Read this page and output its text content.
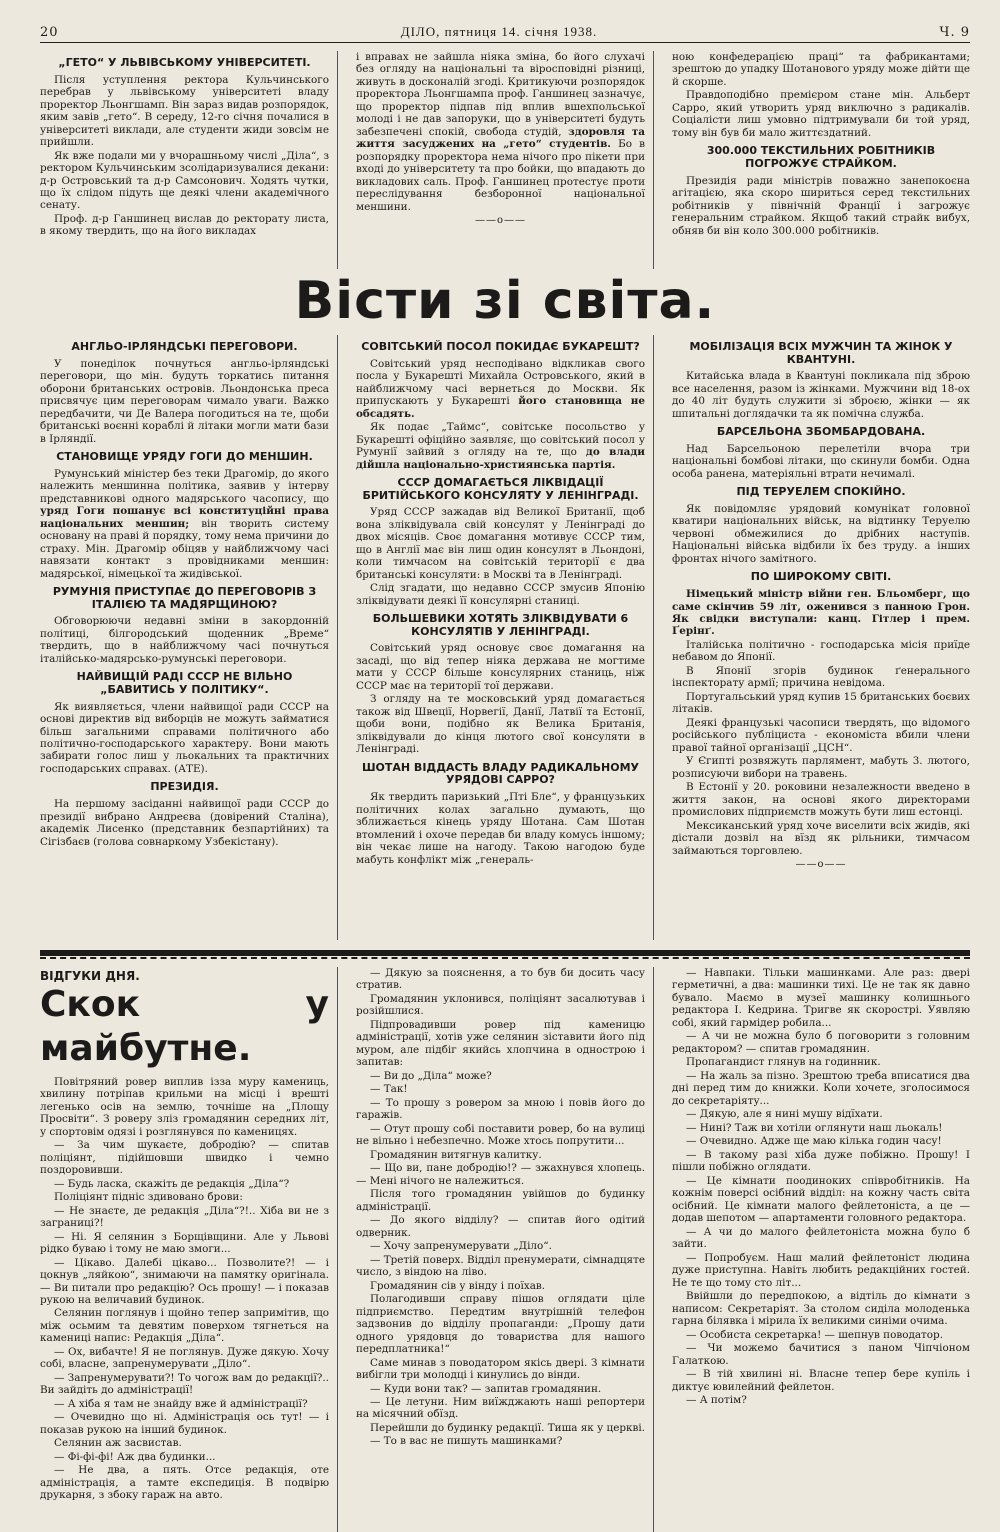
20	ДІЛО, пятниця 14. січня 1938.	Ч. 9
„ГЕТО“ У ЛЬВІВСЬКОМУ УНІВЕРСИТЕТІ.

Після уступлення ректора Кульчинського перебрав у львівському університеті владу проректор Льонгшамп. Він зараз видав розпорядок, яким завів „гето“. В середу, 12-го січня почалися в університеті виклади, але студенти жиди зовсім не прийшли.

Як вже подали ми у вчорашньому числі „Діла“, з ректором Кульчинським зсолідаризувалися декани: д-р Островський та д-р Самсонович. Ходять чутки, що їх слідом підуть ще деякі члени академічного сенату.

Проф. д-р Ганшинец вислав до ректорату листа, в якому твердить, що на його викладах

і вправах не зайшла ніяка зміна, бо його слухачі без огляду на національні та віросповідні різниці, живуть в досконалій згоді. Критикуючи розпорядок проректора Льонгшампа проф. Ганшинец зазначує, що проректор підпав під вплив вшехпольської молоді і не дав запоруки, що в університеті будуть забезпечені спокій, свобода студій, здоровля та життя засуджених на „гето“ студентів. Бо в розпорядку проректора нема нічого про пікети при вході до університету та про бойки, що впадають до викладових саль. Проф. Ганшинец протестує проти переслідування безборонної національної меншини.

——о——

ною конфедерацією праці“ та фабрикантами; зрештою до упадку Шотанового уряду може дійти ще й скорше.

Правдоподібно премієром стане мін. Альберт Сарро, який утворить уряд виключно з радикалів. Соціалісти лиш умовно підтримували би той уряд, тому він був би мало життєздатний.

300.000 ТЕКСТИЛЬНИХ РОБІТНИКІВ ПОГРОЖУЄ СТРАЙКОМ.

Президія ради міністрів поважно занепокоєна агітацією, яка скоро шириться серед текстильних робітників у північній Франції і загрожує генеральним страйком. Якщоб такий страйк вибух, обняв би він коло 300.000 робітників.

Вісти зі світа.
АНГЛЬО-ІРЛЯНДСЬКІ ПЕРЕГОВОРИ.

У понеділок почнуться англьо-ірляндські переговори, що мін. будуть торкатись питання оборони британських островів. Льондонська преса присвячує цим переговорам чимало уваги. Важко передбачити, чи Де Валера погодиться на те, щоби британські воєнні кораблі й літаки могли мати бази в Ірляндії.

СТАНОВИЩЕ УРЯДУ ГОГИ ДО МЕНШИН.

Румунський міністер без теки Драгомір, до якого належить меншинна політика, заявив у інтерву представникові одного мадярського часопису, що уряд Гоги пошанує всі конституційні права національних меншин; він творить систему основану на праві й порядку, тому нема причини до страху. Мін. Драгомір обіцяв у найближчому часі навязати контакт з провідниками меншин: мадярської, німецької та жидівської.

РУМУНІЯ ПРИСТУПАЄ ДО ПЕРЕГОВОРІВ З ІТАЛІЄЮ ТА МАДЯРЩИНОЮ?

Обговорюючи недавні зміни в закордонній політиці, білгородський щоденник „Време“ твердить, що в найближчому часі почнуться італійсько-мадярсько-румунські переговори.

НАЙВИЩІЙ РАДІ СССР НЕ ВІЛЬНО „БАВИТИСЬ У ПОЛІТИКУ“.

Як виявляється, члени найвищої ради СССР на основі директив від виборців не можуть займатися більш загальними справами політичного або політично-господарського характеру. Вони мають забирати голос лиш у льокальних та практичних господарських справах. (АТЕ).

ПРЕЗИДІЯ.

На першому засіданні найвищої ради СССР до президії вибрано Андреєва (довірений Сталіна), академік Лисенко (представник безпартійних) та Сігізбаєв (голова совнаркому Узбекістану).

СОВІТСЬКИЙ ПОСОЛ ПОКИДАЄ БУКАРЕШТ?

Совітський уряд несподівано відкликав свого посла у Букарешті Михайла Островського, який в найближчому часі вернеться до Москви. Як припускають у Букарешті його становища не обсадять.

Як подає „Таймс“, совітське посольство у Букарешті офіційно заявляє, що совітський посол у Румунії зайвий з огляду на те, що до влади дійшла національно-християнська партія.

СССР ДОМАГАЄТЬСЯ ЛІКВІДАЦІЇ БРИТІЙСЬКОГО КОНСУЛЯТУ У ЛЕНІНГРАДІ.

Уряд СССР зажадав від Великої Британії, щоб вона зліквідувала свій консулят у Ленінграді до двох місяців. Своє домагання мотивує СССР тим, що в Англії має він лиш один консулят в Льондоні, коли тимчасом на совітській території є два британські консуляти: в Москві та в Ленінграді.

Слід згадати, що недавно СССР змусив Японію зліквідувати деякі її консулярні станиці.

БОЛЬШЕВИКИ ХОТЯТЬ ЗЛІКВІДУВАТИ 6 КОНСУЛЯТІВ У ЛЕНІНГРАДІ.

Совітський уряд основує своє домагання на засаді, що від тепер ніяка держава не могтиме мати у СССР більше консулярних станиць, ніж СССР має на території тої держави.

З огляду на те московський уряд домагається також від Швеції, Норвегії, Данії, Латвії та Естонії, щоби вони, подібно як Велика Британія, зліквідували до кінця лютого свої консуляти в Ленінграді.

ШОТАН ВІДДАСТЬ ВЛАДУ РАДИКАЛЬНОМУ УРЯДОВІ САРРО?

Як твердить паризький „Пті Бле“, у французьких політичних колах загально думають, що зближається кінець уряду Шотана. Сам Шотан втомлений і охоче передав би владу комусь іншому; він чекає лише на нагоду. Такою нагодою буде мабуть конфлікт між „генераль-

МОБІЛІЗАЦІЯ ВСІХ МУЖЧИН ТА ЖІНОК У КВАНТУНІ.

Китайська влада в Квантуні покликала під зброю все населення, разом із жінками. Мужчини від 18-ох до 40 літ будуть служити зі зброєю, жінки — як шпитальні доглядачки та як помічна служба.

БАРСЕЛЬОНА ЗБОМБАРДОВАНА.

Над Барсельоною перелетіли вчора три національні бомбові літаки, що скинули бомби. Одна особа ранена, матеріяльні втрати нечималі.

ПІД ТЕРУЕЛЕМ СПОКІЙНО.

Як повідомляє урядовий комунікат головної кватири національних військ, на відтинку Теруелю червоні обмежилися до дрібних наступів. Національні війська відбили їх без труду. а інших фронтах нічого замітного.

ПО ШИРОКОМУ СВІТІ.

Німецький міністр війни ген. Бльомберг, що саме скінчив 59 літ, оженився з панною Грон. Як свідки виступали: канц. Гітлер і прем. Ґерінґ.

Італійська політично - господарська місія приїде небавом до Японії.

В Японії згорів будинок ґенерального інспекторату армії; причина невідома.

Португальський уряд купив 15 британських боєвих літаків.

Деякі французькі часописи твердять, що відомого російського публіциста - економіста вбили члени правої тайної організації „ЦСН“.

У Єгипті розвяжуть парлямент, мабуть 3. лютого, розписуючи вибори на травень.

В Естонії у 20. роковини незалежности введено в життя закон, на основі якого директорами промислових підприємств можуть бути лиш естонці.

Мексиканський уряд хоче виселити всіх жидів, які дістали дозвіл на вїзд як рільники, тимчасом займаються торговлею.

——о——
ВІДГУКИ ДНЯ.
Скок у майбутне.

Повітряний ровер виплив ізза муру камениць, хвилину потріпав крильми на місці і врешті легенько осів на землю, точніше на „Площу Просвіти“. З роверу зліз громадянин середних літ, у спортовім одязі і розглянувся по каменицях.

— За чим шукаєте, добродію? — спитав поліціянт, підійшовши швидко і чемно поздоровивши.

— Будь ласка, скажіть де редакція „Діла“?

Поліціянт підніс здивовано брови:

— Не знаєте, де редакція „Діла“?!.. Хіба ви не з заграниці?!

— Ні. Я селянин з Борщівщини. Але у Львові рідко буваю і тому не маю змоги...

— Цікаво. Далебі цікаво... Позволите?! — і цокнув „ляйкою“, знимаючи на памятку оригінала. — Ви питали про редакцію? Ось прошу! — і показав рукою на величавий будинок.

Селянин поглянув і щойно тепер запримітив, що між осьмим та девятим поверхом тягнеться на камениці напис: Редакція „Діла“.

— Ох, вибачте! Я не поглянув. Дуже дякую. Хочу собі, власне, запренумерувати „Діло“.

— Запренумерувати?! То чогож вам до редакції?.. Ви зайдіть до адміністрації!

— А хіба я там не знайду вже й адміністрації?

— Очевидно що ні. Адміністрація ось тут! — і показав рукою на інший будинок.

Селянин аж засвистав.

— Фі-фі-фі! Аж два будинки...

— Не два, а пять. Отсе редакція, оте адміністрація, а тамте експедиція. В подвірю друкарня, з збоку гараж на авто.

— Дякую за пояснення, а то був би досить часу стратив.

Громадянин уклонився, поліціянт засалютував і розійшлися.

Підпровадивши ровер під каменицю адміністрації, хотів уже селянин зіставити його під муром, але підбіг якийсь хлопчина в однострою і запитав:

— Ви до „Діла“ може?

— Так!

— То прошу з ровером за мною і повів його до гаражів.

— Отут прошу собі поставити ровер, бо на вулиці не вільно і небезпечно. Може хтось попрутити...

Громадянин витягнув калитку.

— Що ви, пане добродію!? — зжахнувся хлопець. — Мені нічого не належиться.

Після того громадянин увійшов до будинку адміністрації.

— До якого відділу? — спитав його одітий одверник.

— Хочу запренумерувати „Діло“.

— Третій поверх. Відділ пренумерати, сімнадцяте число, з віндою на ліво.

Громадянин сів у вінду і поїхав.

Полагодивши справу пішов оглядати ціле підприємство. Передтим внутрішній телефон задзвонив до відділу пропаганди: „Прошу дати одного урядовця до товариства для нашого передплатника!“

Саме минав з поводатором якісь двері. З кімнати вибігли три молодці і кинулись до вінди.

— Куди вони так? — запитав громадянин.

— Це летуни. Ним виїжджають наші репортери на місячний обїзд.

Перейшли до будинку редакції. Тиша як у церкві.

— То в вас не пишуть машинками?

— Навпаки. Тільки машинками. Але раз: двері герметичні, а два: машинки тихі. Це не так як давно бувало. Маємо в музеї машинку колишнього редактора І. Кедрина. Тригве як скорострі. Уявляю собі, який гармідер робила...

— А чи не можна було б поговорити з головним редактором? — спитав громадянин.

Пропагандист глянув на годинник.

— На жаль за пізно. Зрештою треба вписатися два дні перед тим до книжки. Коли хочете, зголосимося до секретаріяту...

— Дякую, але я нині мушу відїхати.

— Нині? Таж ви хотіли оглянути наш льокаль!

— Очевидно. Адже ще маю кілька годин часу!

— В такому разі хіба дуже побіжно. Прошу! І пішли побіжно оглядати.

— Це кімнати поодиноких співробітників. На кожнім поверсі осібний відділ: на кожну часть світа осібний. Це кімнати малого фейлетоніста, а це — додав шепотом — апартаменти головного редактора.

— А чи до малого фейлетоніста можна було б зайти.

— Попробуєм. Наш малий фейлетоніст людина дуже приступна. Навіть любить редакційних гостей. Не те що тому сто літ...

Ввійшли до передпокою, а відтіль до кімнати з написом: Секретаріят. За столом сиділа молоденька гарна білявка і мірила їх великими синіми очима.

— Особиста секретарка! — шепнув поводатор.

— Чи можемо бачитися з паном Чіпчіоном Галаткою.

— В тій хвилині ні. Власне тепер бере купіль і диктує ювилейний фейлетон.

— А потім?
